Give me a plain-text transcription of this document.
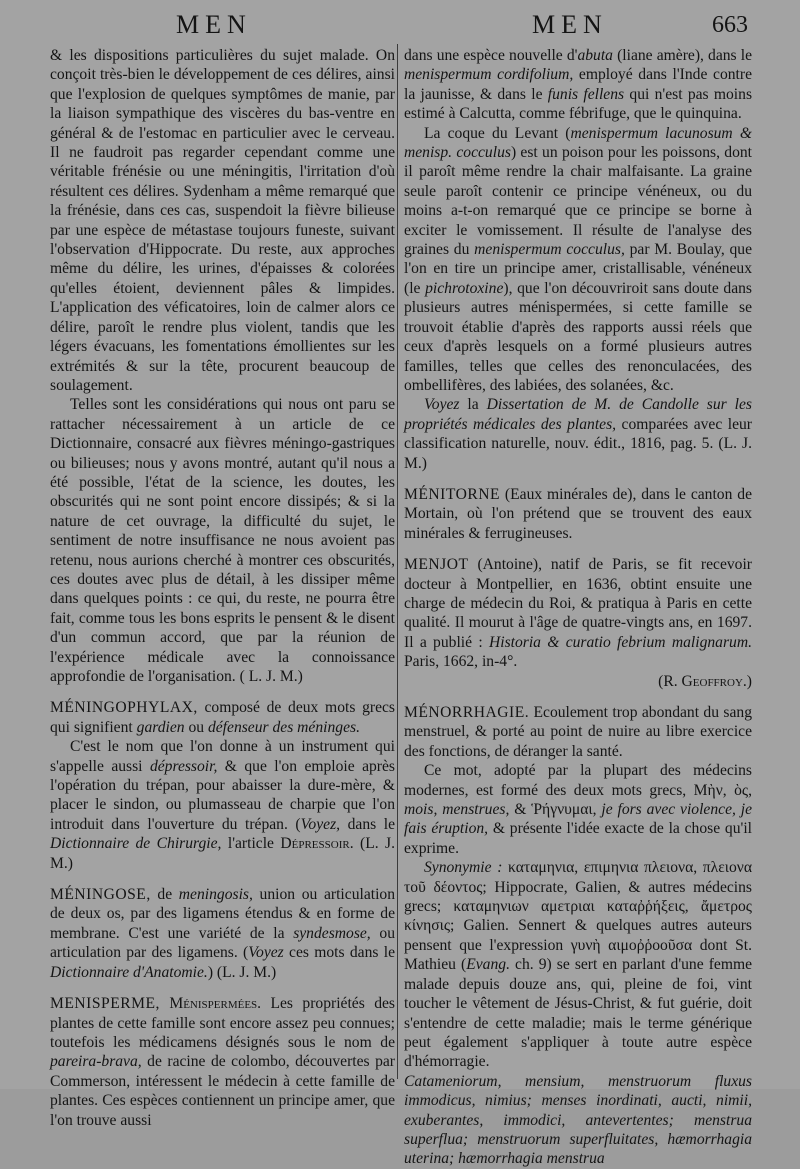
MEN	MEN	663

& les dispositions particulières du sujet malade. On conçoit très-bien le développement de ces délires, ainsi que l'explosion de quelques symptômes de manie, par la liaison sympathique des viscères du bas-ventre en général & de l'estomac en particulier avec le cerveau. Il ne faudroit pas regarder cependant comme une véritable frénésie ou une méningitis, l'irritation d'où résultent ces délires. Sydenham a même remarqué que la frénésie, dans ces cas, suspendoit la fièvre bilieuse par une espèce de métastase toujours funeste, suivant l'observation d'Hippocrate. Du reste, aux approches même du délire, les urines, d'épaisses & colorées qu'elles étoient, deviennent pâles & limpides. L'application des véficatoires, loin de calmer alors ce délire, paroît le rendre plus violent, tandis que les légers évacuans, les fomentations émollientes sur les extrémités & sur la tête, procurent beaucoup de soulagement.

Telles sont les considérations qui nous ont paru se rattacher nécessairement à un article de ce Dictionnaire, consacré aux fièvres méningo-gastriques ou bilieuses; nous y avons montré, autant qu'il nous a été possible, l'état de la science, les doutes, les obscurités qui ne sont point encore dissipés; & si la nature de cet ouvrage, la difficulté du sujet, le sentiment de notre insuffisance ne nous avoient pas retenu, nous aurions cherché à montrer ces obscurités, ces doutes avec plus de détail, à les dissiper même dans quelques points : ce qui, du reste, ne pourra être fait, comme tous les bons esprits le pensent & le disent d'un commun accord, que par la réunion de l'expérience médicale avec la connoissance approfondie de l'organisation. ( L. J. M.)

MÉNINGOPHYLAX, composé de deux mots grecs qui signifient gardien ou défenseur des méninges.

C'est le nom que l'on donne à un instrument qui s'appelle aussi dépressoir, & que l'on emploie après l'opération du trépan, pour abaisser la dure-mère, & placer le sindon, ou plumasseau de charpie que l'on introduit dans l'ouverture du trépan. (Voyez, dans le Dictionnaire de Chirurgie, l'article Dépressoir. (L. J. M.)

MÉNINGOSE, de meningosis, union ou articulation de deux os, par des ligamens étendus & en forme de membrane. C'est une variété de la syndesmose, ou articulation par des ligamens. (Voyez ces mots dans le Dictionnaire d'Anatomie.) (L. J. M.)

MENISPERME, Ménispermées. Les propriétés des plantes de cette famille sont encore assez peu connues; toutefois les médicamens désignés sous le nom de pareira-brava, de racine de colombo, découvertes par Commerson, intéressent le médecin à cette famille de plantes. Ces espèces contiennent un principe amer, que l'on trouve aussi

dans une espèce nouvelle d'abuta (liane amère), dans le menispermum cordifolium, employé dans l'Inde contre la jaunisse, & dans le funis fellens qui n'est pas moins estimé à Calcutta, comme fébrifuge, que le quinquina.

La coque du Levant (menispermum lacunosum & menisp. cocculus) est un poison pour les poissons, dont il paroît même rendre la chair malfaisante. La graine seule paroît contenir ce principe vénéneux, ou du moins a-t-on remarqué que ce principe se borne à exciter le vomissement. Il résulte de l'analyse des graines du menispermum cocculus, par M. Boulay, que l'on en tire un principe amer, cristallisable, vénéneux (le pichrotoxine), que l'on découvriroit sans doute dans plusieurs autres ménispermées, si cette famille se trouvoit établie d'après des rapports aussi réels que ceux d'après lesquels on a formé plusieurs autres familles, telles que celles des renonculacées, des ombellifères, des labiées, des solanées, &c.

Voyez la Dissertation de M. de Candolle sur les propriétés médicales des plantes, comparées avec leur classification naturelle, nouv. édit., 1816, pag. 5. (L. J. M.)

MÉNITORNE (Eaux minérales de), dans le canton de Mortain, où l'on prétend que se trouvent des eaux minérales & ferrugineuses.

MENJOT (Antoine), natif de Paris, se fit recevoir docteur à Montpellier, en 1636, obtint ensuite une charge de médecin du Roi, & pratiqua à Paris en cette qualité. Il mourut à l'âge de quatre-vingts ans, en 1697. Il a publié : Historia & curatio febrium malignarum. Paris, 1662, in-4°.

(R. Geoffroy.)

MÉNORRHAGIE. Ecoulement trop abondant du sang menstruel, & porté au point de nuire au libre exercice des fonctions, de déranger la santé.

Ce mot, adopté par la plupart des médecins modernes, est formé des deux mots grecs, Μὴν, ὸς, mois, menstrues, & Ῥήγνυμαι, je fors avec violence, je fais éruption, & présente l'idée exacte de la chose qu'il exprime.

Synonymie : καταμηνια, επιμηνια πλειονα, πλειονα τοῦ δέοντος; Hippocrate, Galien, & autres médecins grecs; καταμηνιων αμετριαι καταῤῥήξεις, ἄμετρος κίνησις; Galien. Sennert & quelques autres auteurs pensent que l'expression γυνὴ αιμοῤῥοοῦσα dont St. Mathieu (Evang. ch. 9) se sert en parlant d'une femme malade depuis douze ans, qui, pleine de foi, vint toucher le vêtement de Jésus-Christ, & fut guérie, doit s'entendre de cette maladie; mais le terme générique peut également s'appliquer à toute autre espèce d'hémorragie.

Catameniorum, mensium, menstruorum fluxus immodicus, nimius; menses inordinati, aucti, nimii, exuberantes, immodici, antevertentes; menstrua superflua; menstruorum superfluitates, hæmorrhagia uterina; hæmorrhagia menstrua
